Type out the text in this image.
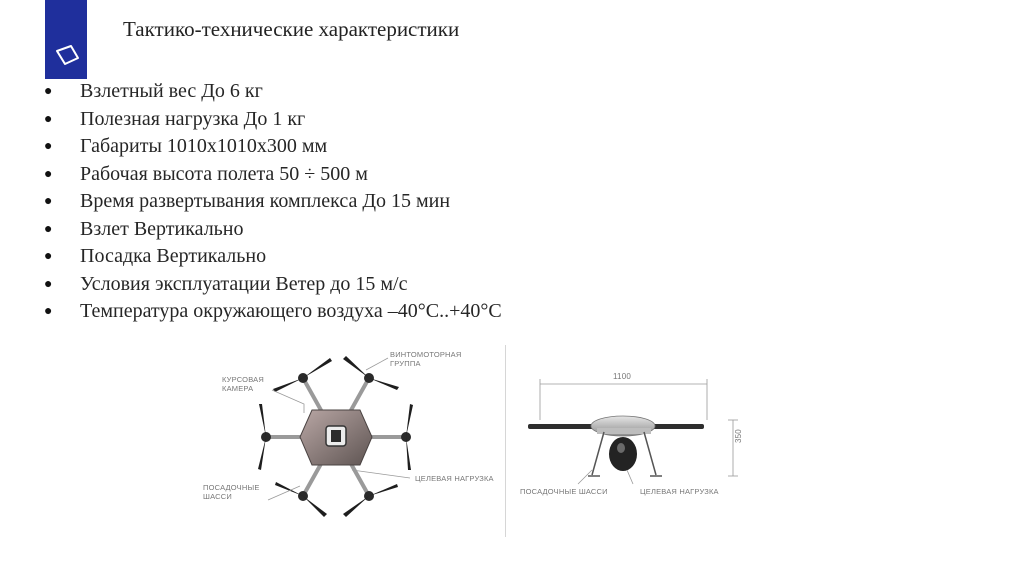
Тактико-технические характеристики
● Взлетный вес До 6 кг
● Полезная нагрузка До 1 кг
● Габариты 1010х1010х300 мм
● Рабочая высота полета 50 ÷ 500 м
● Время развертывания комплекса До 15 мин
● Взлет Вертикально
● Посадка Вертикально
● Условия эксплуатации Ветер до 15 м/с
● Температура окружающего воздуха –40°С..+40°С
КУРСОВАЯ
КАМЕРА
ВИНТОМОТОРНАЯ
ГРУППА
ПОСАДОЧНЫЕ
ШАССИ
ЦЕЛЕВАЯ НАГРУЗКА
1100
350
ПОСАДОЧНЫЕ ШАССИ	ЦЕЛЕВАЯ НАГРУЗКА
